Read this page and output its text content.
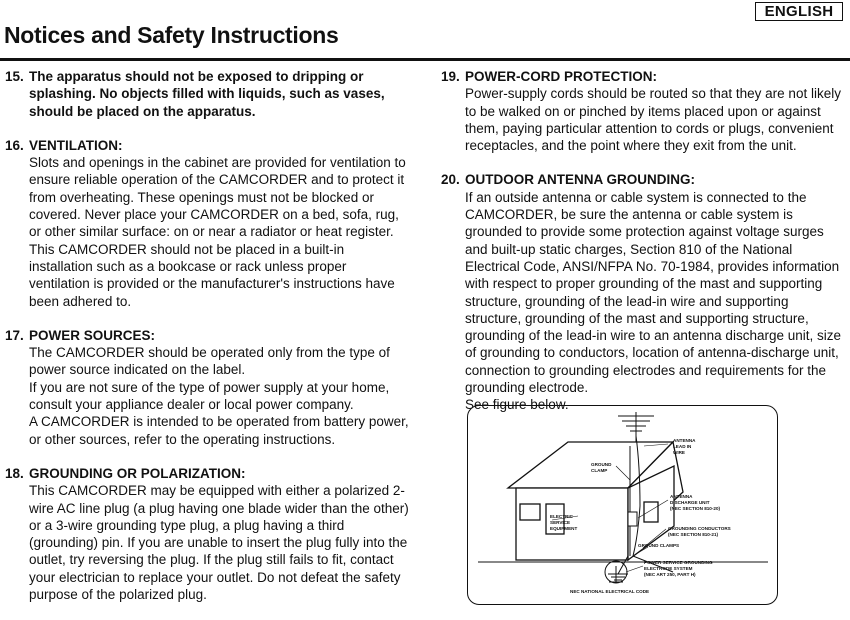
ENGLISH
Notices and Safety Instructions
15. The apparatus should not be exposed to dripping or splashing. No objects filled with liquids, such as vases, should be placed on the apparatus.
16. VENTILATION:

Slots and openings in the cabinet are provided for ventilation to ensure reliable operation of the CAMCORDER and to protect it from overheating. These openings must not be blocked or covered. Never place your CAMCORDER on a bed, sofa, rug, or other similar surface: on or near a radiator or heat register. This CAMCORDER should not be placed in a built-in installation such as a bookcase or rack unless proper ventilation is provided or the manufacturer's instructions have been adhered to.

17. POWER SOURCES:

The CAMCORDER should be operated only from the type of power source indicated on the label.

If you are not sure of the type of power supply at your home, consult your appliance dealer or local power company.

A CAMCORDER is intended to be operated from battery power, or other sources, refer to the operating instructions.

18. GROUNDING OR POLARIZATION:

This CAMCORDER may be equipped with either a polarized 2-wire AC line plug (a plug having one blade wider than the other) or a 3-wire grounding type plug, a plug having a third (grounding) pin. If you are unable to insert the plug fully into the outlet, try reversing the plug. If the plug still fails to fit, contact your electrician to replace your outlet. Do not defeat the safety purpose of the polarized plug.

19. POWER-CORD PROTECTION:

Power-supply cords should be routed so that they are not likely to be walked on or pinched by items placed upon or against them, paying particular attention to cords or plugs, convenient receptacles, and the point where they exit from the unit.

20. OUTDOOR ANTENNA GROUNDING:

If an outside antenna or cable system is connected to the CAMCORDER, be sure the antenna or cable system is grounded to provide some protection against voltage surges and built-up static charges, Section 810 of the National Electrical Code, ANSI/NFPA No. 70-1984, provides information with respect to proper grounding of the mast and supporting structure, grounding of the lead-in wire and supporting structure, grounding of the mast and supporting structure, grounding of the lead-in wire to an antenna discharge unit, size of grounding to conductors, location of antenna-discharge unit, connection to grounding electrodes and requirements for the grounding electrode.

See figure below.

ANTENNA LEAD IN WIRE
GROUND CLAMP
ANTENNA DISCHARGE UNIT (NEC SECTION 810-20)
ELECTRIC SERVICE EQUIPMENT	GROUNDING CONDUCTORS (NEC SECTION 810-21)
GROUND CLAMPS
POWER SERVICE GROUNDING ELECTRODE SYSTEM (NEC ART 250, PART H)
NEC NATIONAL ELECTRICAL CODE
